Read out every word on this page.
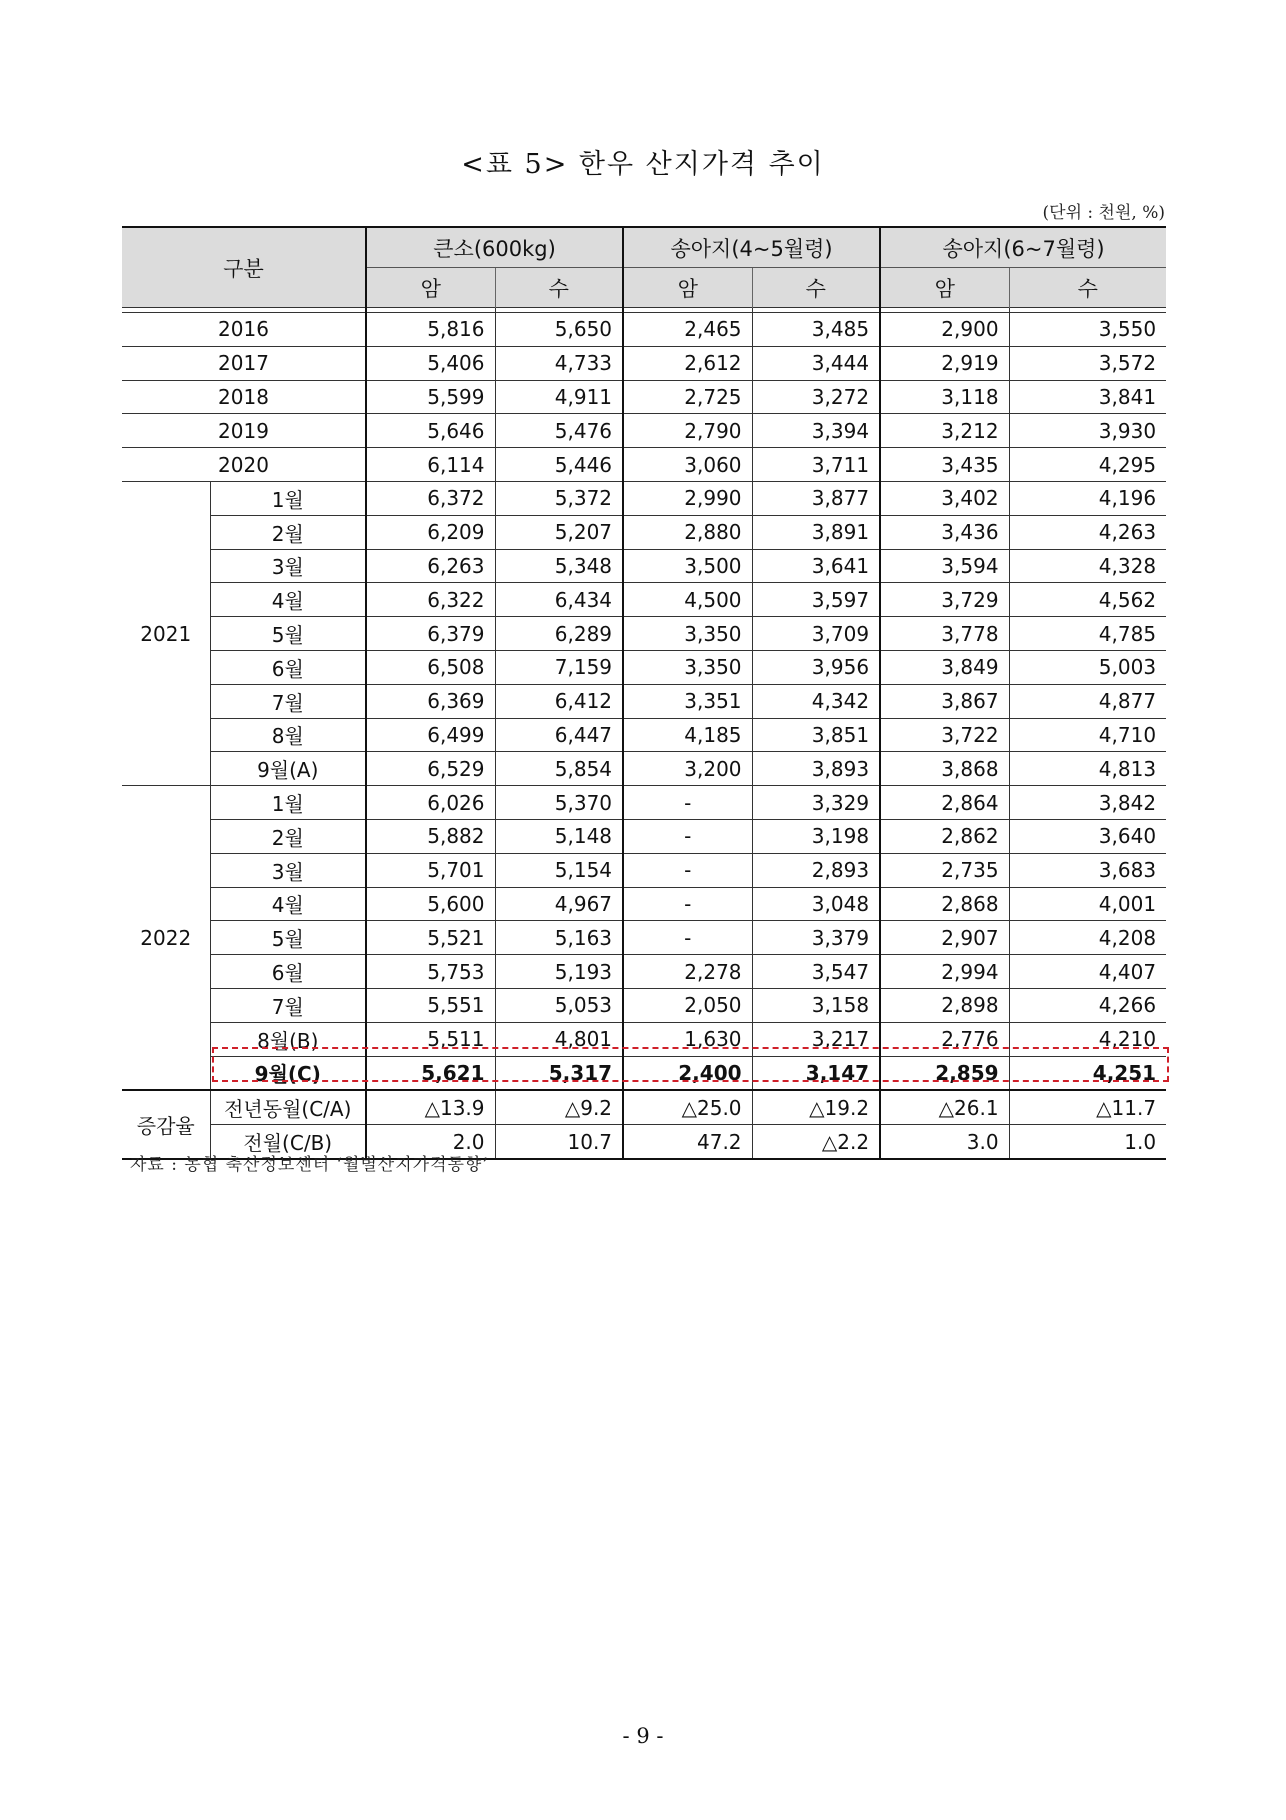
<표 5> 한우 산지가격 추이
(단위 : 천원, %)
구분		큰소(600kg)		송아지(4~5월령)		송아지(6~7월령)	
		암	수	암	수	암	수

2016		5,816	5,650	2,465	3,485	2,900	3,550
2017		5,406	4,733	2,612	3,444	2,919	3,572
2018		5,599	4,911	2,725	3,272	3,118	3,841
2019		5,646	5,476	2,790	3,394	3,212	3,930
2020		6,114	5,446	3,060	3,711	3,435	4,295
2021	1월	6,372	5,372	2,990	3,877	3,402	4,196
	2월	6,209	5,207	2,880	3,891	3,436	4,263
	3월	6,263	5,348	3,500	3,641	3,594	4,328
	4월	6,322	6,434	4,500	3,597	3,729	4,562
	5월	6,379	6,289	3,350	3,709	3,778	4,785
	6월	6,508	7,159	3,350	3,956	3,849	5,003
	7월	6,369	6,412	3,351	4,342	3,867	4,877
	8월	6,499	6,447	4,185	3,851	3,722	4,710
	9월(A)	6,529	5,854	3,200	3,893	3,868	4,813
2022	1월	6,026	5,370	-	3,329	2,864	3,842
	2월	5,882	5,148	-	3,198	2,862	3,640
	3월	5,701	5,154	-	2,893	2,735	3,683
	4월	5,600	4,967	-	3,048	2,868	4,001
	5월	5,521	5,163	-	3,379	2,907	4,208
	6월	5,753	5,193	2,278	3,547	2,994	4,407
	7월	5,551	5,053	2,050	3,158	2,898	4,266
	8월(B)	5,511	4,801	1,630	3,217	2,776	4,210
	9월(C)	5,621	5,317	2,400	3,147	2,859	4,251
증감율	전년동월(C/A)	△13.9	△9.2	△25.0	△19.2	△26.1	△11.7
	전월(C/B)	2.0	10.7	47.2	△2.2	3.0	1.0
자료 : 농협 축산정보센터 ‘월별산지가격동향’
- 9 -
